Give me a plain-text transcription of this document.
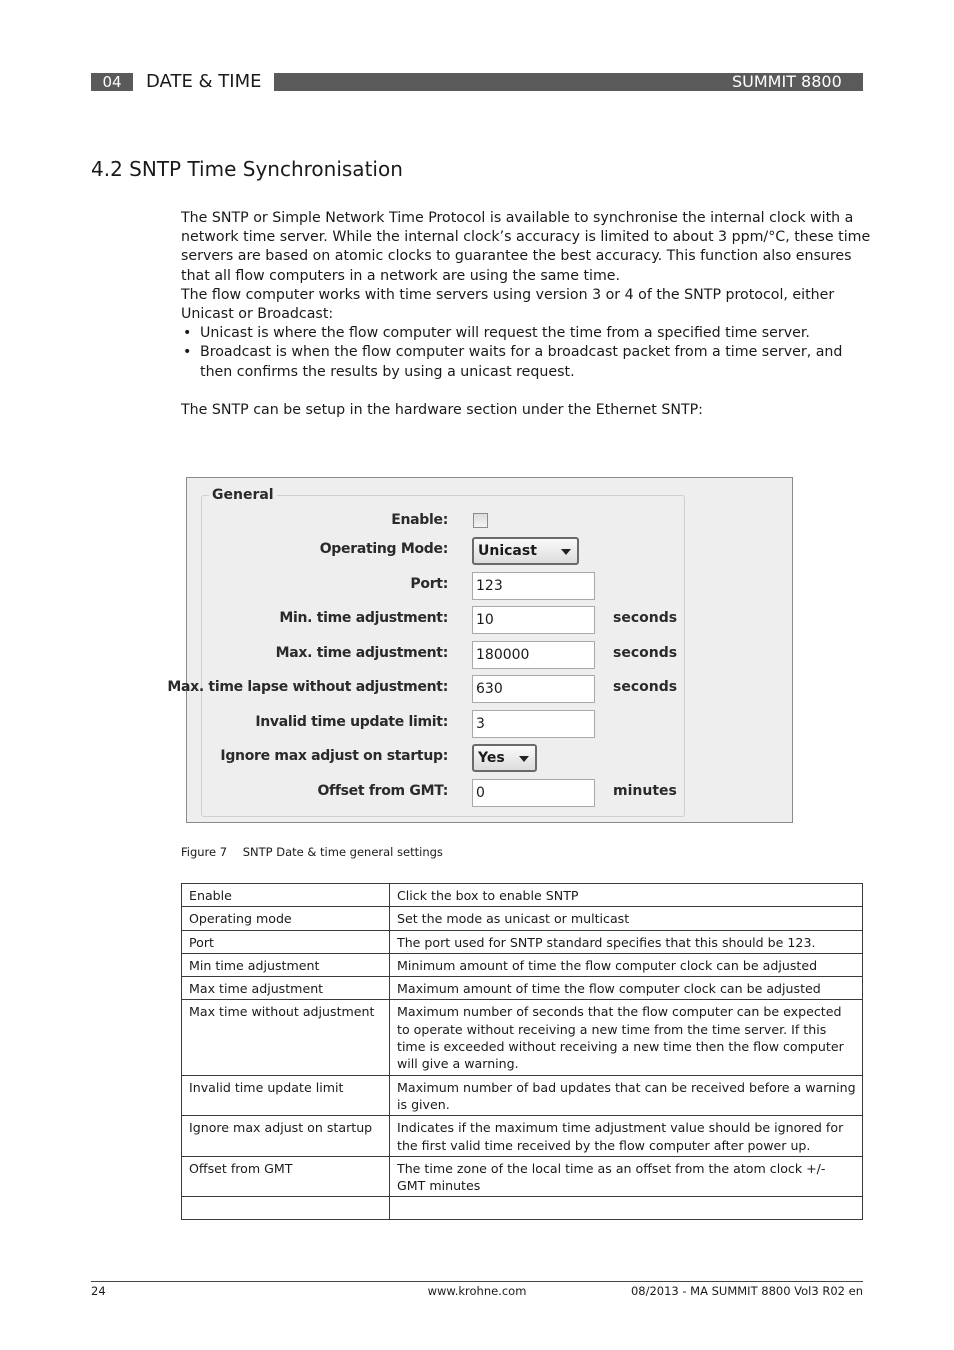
04	DATE & TIME	SUMMIT 8800
4.2 SNTP Time Synchronisation

The SNTP or Simple Network Time Protocol is available to synchronise the internal clock with a network time server. While the internal clock’s accuracy is limited to about 3 ppm/°C, these time servers are based on atomic clocks to guarantee the best accuracy. This function also ensures that all flow computers in a network are using the same time.

The flow computer works with time servers using version 3 or 4 of the SNTP protocol, either Unicast or Broadcast:

• Unicast is where the flow computer will request the time from a specified time server.
• Broadcast is when the flow computer waits for a broadcast packet from a time server, and then confirms the results by using a unicast request.

The SNTP can be setup in the hardware section under the Ethernet SNTP:

General
Enable:
Operating Mode:	Unicast
Port: 123
Min. time adjustment: 10	seconds
Max. time adjustment: 180000	seconds
Max. time lapse without adjustment: 630	seconds
Invalid time update limit: 3
Ignore max adjust on startup:	Yes
Offset from GMT: 0	minutes
Figure 7 SNTP Date & time general settings
Enable	Click the box to enable SNTP
Operating mode	Set the mode as unicast or multicast
Port	The port used for SNTP standard specifies that this should be 123.
Min time adjustment	Minimum amount of time the flow computer clock can be adjusted
Max time adjustment	Maximum amount of time the flow computer clock can be adjusted
Max time without adjustment	Maximum number of seconds that the flow computer can be expected to operate without receiving a new time from the time server. If this time is exceeded without receiving a new time then the flow computer will give a warning.
Invalid time update limit	Maximum number of bad updates that can be received before a warning is given.
Ignore max adjust on startup	Indicates if the maximum time adjustment value should be ignored for the first valid time received by the flow computer after power up.
Offset from GMT	The time zone of the local time as an offset from the atom clock +/- GMT minutes

24	www.krohne.com	08/2013 - MA SUMMIT 8800 Vol3 R02 en
